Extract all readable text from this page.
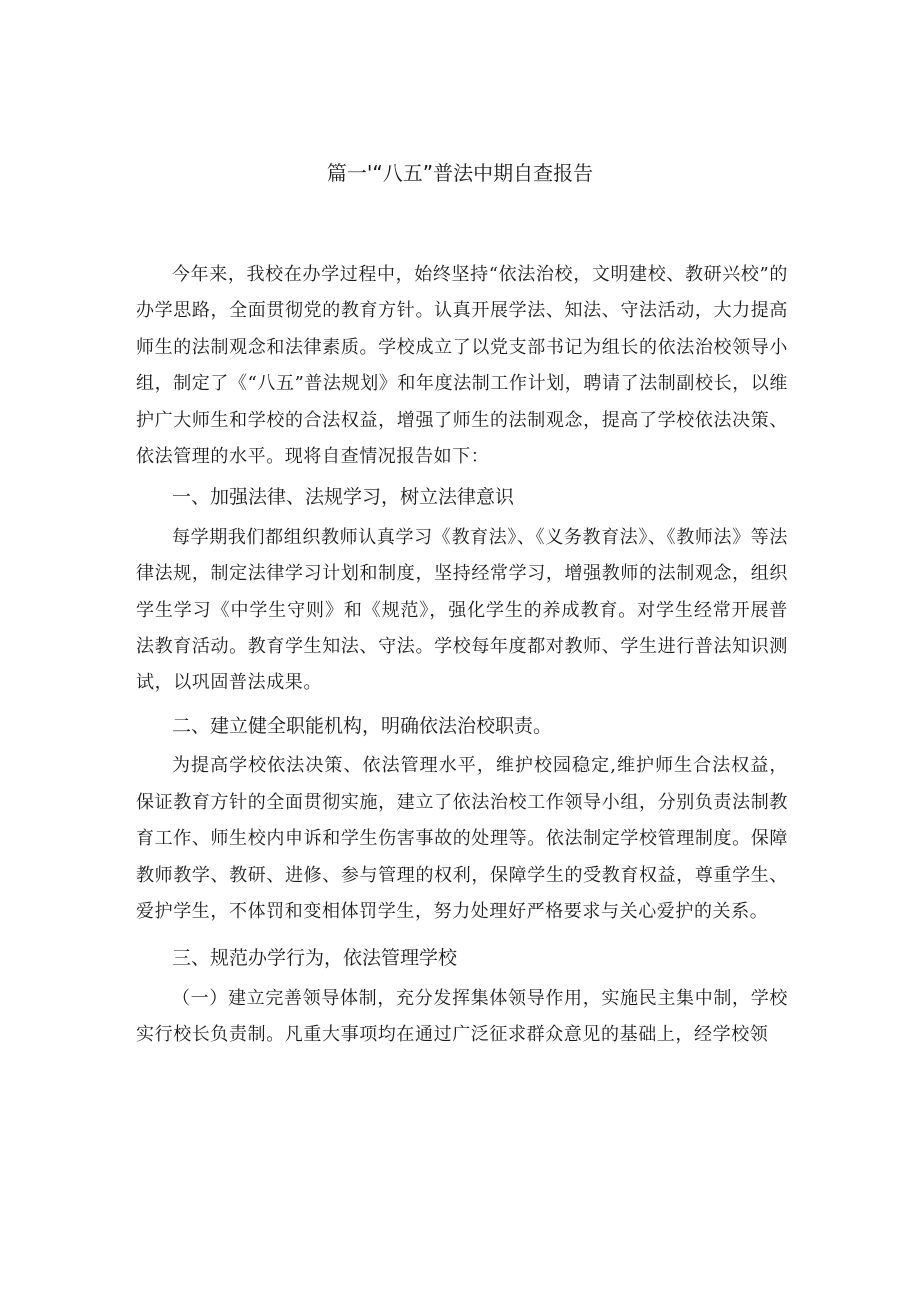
篇一'“八五”普法中期自查报告

今年来，我校在办学过程中，始终坚持“依法治校，文明建校、教研兴校”的办学思路，全面贯彻党的教育方针。认真开展学法、知法、守法活动，大力提高师生的法制观念和法律素质。学校成立了以党支部书记为组长的依法治校领导小组，制定了《“八五”普法规划》和年度法制工作计划，聘请了法制副校长，以维护广大师生和学校的合法权益，增强了师生的法制观念，提高了学校依法决策、依法管理的水平。现将自查情况报告如下：

一、加强法律、法规学习，树立法律意识

每学期我们都组织教师认真学习《教育法》、《义务教育法》、《教师法》等法律法规，制定法律学习计划和制度，坚持经常学习，增强教师的法制观念，组织学生学习《中学生守则》和《规范》，强化学生的养成教育。对学生经常开展普法教育活动。教育学生知法、守法。学校每年度都对教师、学生进行普法知识测试，以巩固普法成果。

二、建立健全职能机构，明确依法治校职责。

为提高学校依法决策、依法管理水平，维护校园稳定,维护师生合法权益，保证教育方针的全面贯彻实施，建立了依法治校工作领导小组，分别负责法制教育工作、师生校内申诉和学生伤害事故的处理等。依法制定学校管理制度。保障教师教学、教研、进修、参与管理的权利，保障学生的受教育权益，尊重学生、爱护学生，不体罚和变相体罚学生，努力处理好严格要求与关心爱护的关系。

三、规范办学行为，依法管理学校

（一）建立完善领导体制，充分发挥集体领导作用，实施民主集中制，学校实行校长负责制。凡重大事项均在通过广泛征求群众意见的基础上，经学校领
